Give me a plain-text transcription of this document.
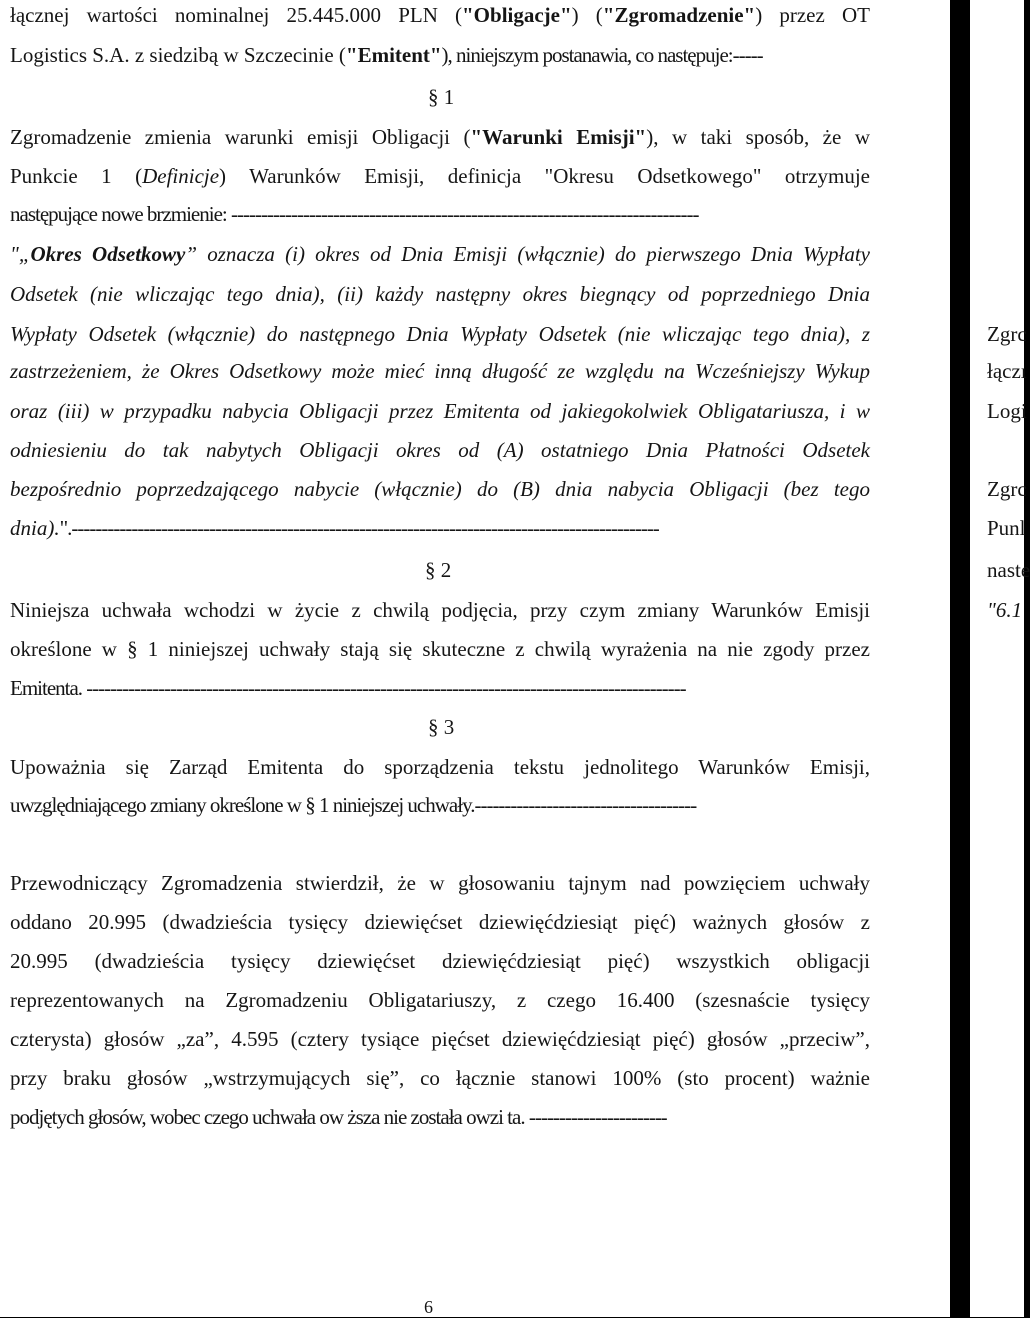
łącznej wartości nominalnej 25.445.000 PLN ("Obligacje") ("Zgromadzenie") przez OT

Logistics S.A. z siedzibą w Szczecinie ("Emitent"), niniejszym postanawia, co następuje:-----

§ 1

Zgromadzenie zmienia warunki emisji Obligacji ("Warunki Emisji"), w taki sposób, że w

Punkcie 1 (Definicje) Warunków Emisji, definicja "Okresu Odsetkowego" otrzymuje

następujące nowe brzmienie: ------------------------------------------------------------------------------

"„Okres Odsetkowy” oznacza (i) okres od Dnia Emisji (włącznie) do pierwszego Dnia Wypłaty

Odsetek (nie wliczając tego dnia), (ii) każdy następny okres biegnący od poprzedniego Dnia

Wypłaty Odsetek (włącznie) do następnego Dnia Wypłaty Odsetek (nie wliczając tego dnia), z

zastrzeżeniem, że Okres Odsetkowy może mieć inną długość ze względu na Wcześniejszy Wykup

oraz (iii) w przypadku nabycia Obligacji przez Emitenta od jakiegokolwiek Obligatariusza, i w

odniesieniu do tak nabytych Obligacji okres od (A) ostatniego Dnia Płatności Odsetek

bezpośrednio poprzedzającego nabycie (włącznie) do (B) dnia nabycia Obligacji (bez tego

dnia).".--------------------------------------------------------------------------------------------------

§ 2

Niniejsza uchwała wchodzi w życie z chwilą podjęcia, przy czym zmiany Warunków Emisji

określone w § 1 niniejszej uchwały stają się skuteczne z chwilą wyrażenia na nie zgody przez

Emitenta. ----------------------------------------------------------------------------------------------------

§ 3

Upoważnia się Zarząd Emitenta do sporządzenia tekstu jednolitego Warunków Emisji,

uwzględniającego zmiany określone w § 1 niniejszej uchwały.-------------------------------------

Przewodniczący Zgromadzenia stwierdził, że w głosowaniu tajnym nad powzięciem uchwały

oddano 20.995 (dwadzieścia tysięcy dziewięćset dziewięćdziesiąt pięć) ważnych głosów z

20.995 (dwadzieścia tysięcy dziewięćset dziewięćdziesiąt pięć) wszystkich obligacji

reprezentowanych na Zgromadzeniu Obligatariuszy, z czego 16.400 (szesnaście tysięcy

czterysta) głosów „za”, 4.595 (cztery tysiące pięćset dziewięćdziesiąt pięć) głosów „przeciw”,

przy braku głosów „wstrzymujących się”, co łącznie stanowi 100% (sto procent) ważnie

podjętych głosów, wobec czego uchwała ow ższa nie została owzi ta. -----------------------

6

Zgrc

łączı

Logi

Zgrc

Punl

naste

"6.1
